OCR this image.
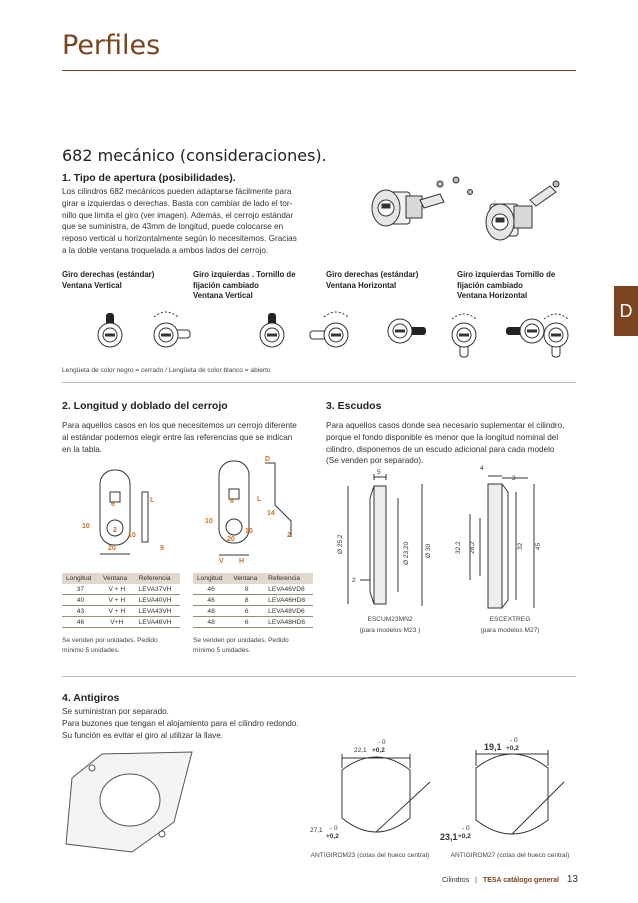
Perfiles
D
682 mecánico (consideraciones).
1. Tipo de apertura (posibilidades).
Los cilindros 682 mecánicos pueden adaptarse fácilmente para
girar a izquierdas o derechas. Basta con cambiar de lado el tor-
nillo que limita el giro (ver imagen). Además, el cerrojo estándar
que se suministra, de 43mm de longitud, puede colocarse en
reposo vertical u horizontalmente según lo necesitemos. Gracias
a la doble ventana troquelada a ambos lados del cerrojo.
Giro derechas (estándar)
Ventana Vertical
Giro izquierdas . Tornillo de
fijación cambiado
Ventana Vertical
Giro derechas (estándar)
Ventana Horizontal
Giro izquierdas Tornillo de
fijación cambiado
Ventana Horizontal
Lengüeta de color negro = cerrado / Lengüeta de color blanco = abierto
2. Longitud y doblado del cerrojo
Para aquellos casos en los que necesitemos un cerrojo diferente
al estándar podemos elegir entre las referencias que se indican
en la tabla.
L
6
10
10
2
20	9
D
L
14
6
10
10
2
20
V H
Longitud	Ventana	Referencia
37	V + H	LEVA37VH
40	V + H	LEVA40VH
43	V + H	LEVA43VH
46	V+H	LEVA46VH
Se venden por unidades. Pedido
mínimo 5 unidades.
Longitud	Ventana	Referencia
46	8	LEVA46VD8
46	8	LEVA46HD8
48	6	LEVA48VD6
48	6	LEVA48HD6
Se venden por unidades. Pedido
mínimo 5 unidades.
3. Escudos
Para aquellos casos donde sea necesario suplementar el cilindro,
porque el fondo disponible es menor que la longitud nominal del
cilindro, disponemos de un escudo adicional para cada modelo
(Se venden por separado).
5
Ø 25,2	Ø 23,20 Ø 30
2
ESCUM23MN2
(para modelos M23 )
4
3
32,2 28,2	32 45
ESCEXTREG
(para modelos M27)
4. Antigiros
Se suministran por separado.
Para buzones que tengan el alojamiento para el cilindro redondo.
Su función es evitar el giro al utilizar la llave.
22,1
- 0
+0,2
27,1 - 0
+0,2
ANTIGIROM23 (cotas del hueco central)
19,1
- 0
+0,2
23,1
- 0
+0,2
ANTIGIROM27 (cotas del hueco central)
Cilindros | TESA catálogo general 13
